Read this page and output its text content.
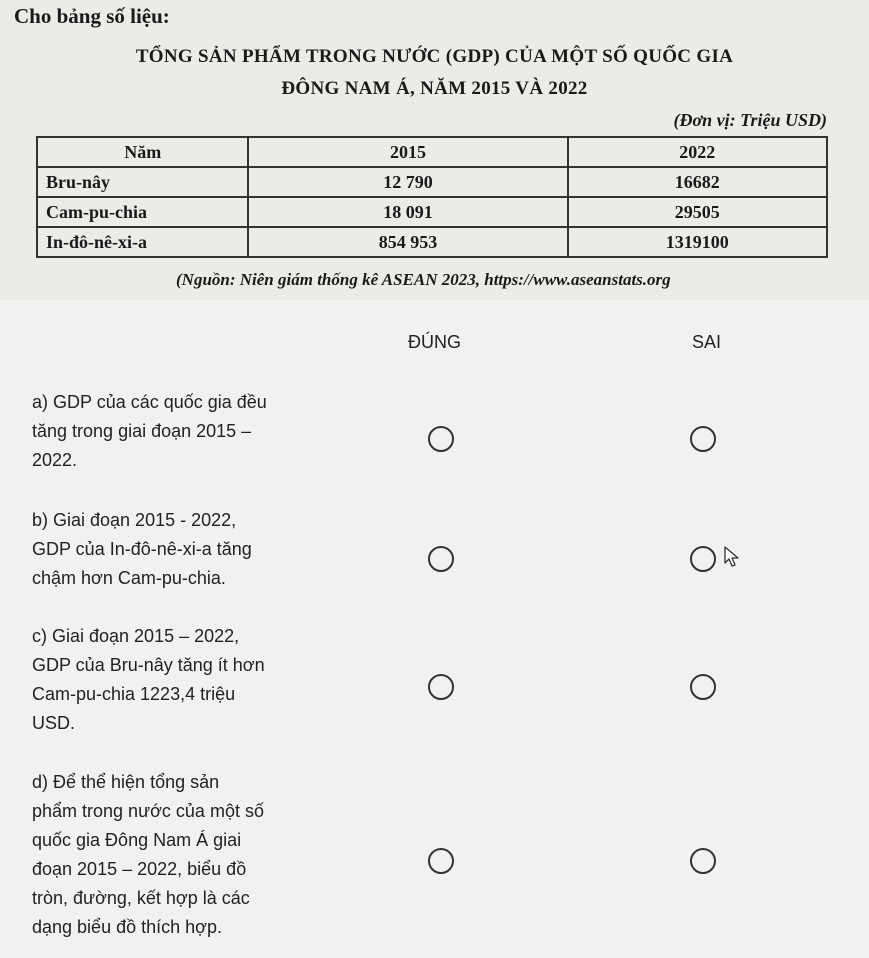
Cho bảng số liệu:
TỔNG SẢN PHẨM TRONG NƯỚC (GDP) CỦA MỘT SỐ QUỐC GIA
ĐÔNG NAM Á, NĂM 2015 VÀ 2022
(Đơn vị: Triệu USD)
Năm	2015	2022
Bru-nây	12 790	16682
Cam-pu-chia	18 091	29505
In-đô-nê-xi-a	854 953	1319100
(Nguồn: Niên giám thống kê ASEAN 2023, https://www.aseanstats.org
ĐÚNG	SAI
a) GDP của các quốc gia đều
tăng trong giai đoạn 2015 –
2022.
b) Giai đoạn 2015 - 2022,
GDP của In-đô-nê-xi-a tăng
chậm hơn Cam-pu-chia.
c) Giai đoạn 2015 – 2022,
GDP của Bru-nây tăng ít hơn
Cam-pu-chia 1223,4 triệu
USD.
d) Để thể hiện tổng sản
phẩm trong nước của một số
quốc gia Đông Nam Á giai
đoạn 2015 – 2022, biểu đồ
tròn, đường, kết hợp là các
dạng biểu đồ thích hợp.
